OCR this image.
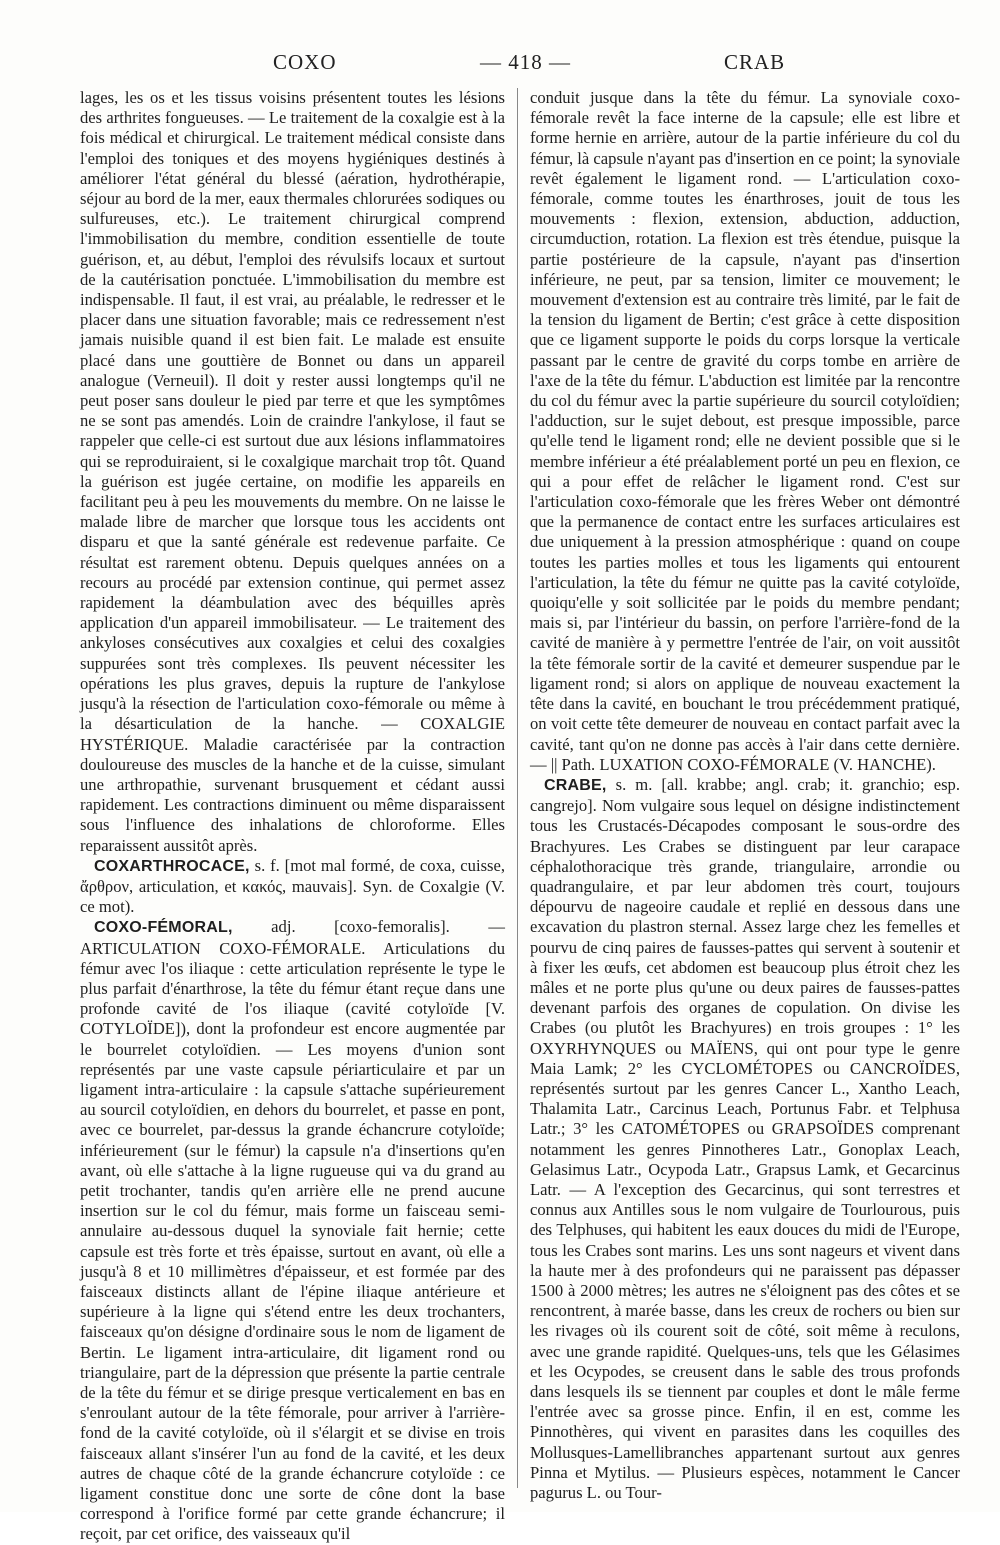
COXO	— 418 —	CRAB

lages, les os et les tissus voisins présentent toutes les lésions des arthrites fongueuses. — Le traitement de la coxalgie est à la fois médical et chirurgical. Le traitement médical consiste dans l'emploi des toniques et des moyens hygiéniques destinés à améliorer l'état général du blessé (aération, hydrothérapie, séjour au bord de la mer, eaux thermales chlorurées sodiques ou sulfureuses, etc.). Le traitement chirurgical comprend l'immobilisation du membre, condition essentielle de toute guérison, et, au début, l'emploi des révulsifs locaux et surtout de la cautérisation ponctuée. L'immobilisation du membre est indispensable. Il faut, il est vrai, au préalable, le redresser et le placer dans une situation favorable; mais ce redressement n'est jamais nuisible quand il est bien fait. Le malade est ensuite placé dans une gouttière de Bonnet ou dans un appareil analogue (Verneuil). Il doit y rester aussi longtemps qu'il ne peut poser sans douleur le pied par terre et que les symptômes ne se sont pas amendés. Loin de craindre l'ankylose, il faut se rappeler que celle-ci est surtout due aux lésions inflammatoires qui se reproduiraient, si le coxalgique marchait trop tôt. Quand la guérison est jugée certaine, on modifie les appareils en facilitant peu à peu les mouvements du membre. On ne laisse le malade libre de marcher que lorsque tous les accidents ont disparu et que la santé générale est redevenue parfaite. Ce résultat est rarement obtenu. Depuis quelques années on a recours au procédé par extension continue, qui permet assez rapidement la déambulation avec des béquilles après application d'un appareil immobilisateur. — Le traitement des ankyloses consécutives aux coxalgies et celui des coxalgies suppurées sont très complexes. Ils peuvent nécessiter les opérations les plus graves, depuis la rupture de l'ankylose jusqu'à la résection de l'articulation coxo-fémorale ou même à la désarticulation de la hanche. — COXALGIE HYSTÉRIQUE. Maladie caractérisée par la contraction douloureuse des muscles de la hanche et de la cuisse, simulant une arthropathie, survenant brusquement et cédant aussi rapidement. Les contractions diminuent ou même disparaissent sous l'influence des inhalations de chloroforme. Elles reparaissent aussitôt après.

COXARTHROCACE, s. f. [mot mal formé, de coxa, cuisse, ἄρθρον, articulation, et κακός, mauvais]. Syn. de Coxalgie (V. ce mot).

COXO-FÉMORAL, adj. [coxo-femoralis]. — ARTICULATION COXO-FÉMORALE. Articulations du fémur avec l'os iliaque : cette articulation représente le type le plus parfait d'énarthrose, la tête du fémur étant reçue dans une profonde cavité de l'os iliaque (cavité cotyloïde [V. COTYLOÏDE]), dont la profondeur est encore augmentée par le bourrelet cotyloïdien. — Les moyens d'union sont représentés par une vaste capsule périarticulaire et par un ligament intra-articulaire : la capsule s'attache supérieurement au sourcil cotyloïdien, en dehors du bourrelet, et passe en pont, avec ce bourrelet, par-dessus la grande échancrure cotyloïde; inférieurement (sur le fémur) la capsule n'a d'insertions qu'en avant, où elle s'attache à la ligne rugueuse qui va du grand au petit trochanter, tandis qu'en arrière elle ne prend aucune insertion sur le col du fémur, mais forme un faisceau semi-annulaire au-dessous duquel la synoviale fait hernie; cette capsule est très forte et très épaisse, surtout en avant, où elle a jusqu'à 8 et 10 millimètres d'épaisseur, et est formée par des faisceaux distincts allant de l'épine iliaque antérieure et supérieure à la ligne qui s'étend entre les deux trochanters, faisceaux qu'on désigne d'ordinaire sous le nom de ligament de Bertin. Le ligament intra-articulaire, dit ligament rond ou triangulaire, part de la dépression que présente la partie centrale de la tête du fémur et se dirige presque verticalement en bas en s'enroulant autour de la tête fémorale, pour arriver à l'arrière-fond de la cavité cotyloïde, où il s'élargit et se divise en trois faisceaux allant s'insérer l'un au fond de la cavité, et les deux autres de chaque côté de la grande échancrure cotyloïde : ce ligament constitue donc une sorte de cône dont la base correspond à l'orifice formé par cette grande échancrure; il reçoit, par cet orifice, des vaisseaux qu'il

conduit jusque dans la tête du fémur. La synoviale coxo-fémorale revêt la face interne de la capsule; elle est libre et forme hernie en arrière, autour de la partie inférieure du col du fémur, là capsule n'ayant pas d'insertion en ce point; la synoviale revêt également le ligament rond. — L'articulation coxo-fémorale, comme toutes les énarthroses, jouit de tous les mouvements : flexion, extension, abduction, adduction, circumduction, rotation. La flexion est très étendue, puisque la partie postérieure de la capsule, n'ayant pas d'insertion inférieure, ne peut, par sa tension, limiter ce mouvement; le mouvement d'extension est au contraire très limité, par le fait de la tension du ligament de Bertin; c'est grâce à cette disposition que ce ligament supporte le poids du corps lorsque la verticale passant par le centre de gravité du corps tombe en arrière de l'axe de la tête du fémur. L'abduction est limitée par la rencontre du col du fémur avec la partie supérieure du sourcil cotyloïdien; l'adduction, sur le sujet debout, est presque impossible, parce qu'elle tend le ligament rond; elle ne devient possible que si le membre inférieur a été préalablement porté un peu en flexion, ce qui a pour effet de relâcher le ligament rond. C'est sur l'articulation coxo-fémorale que les frères Weber ont démontré que la permanence de contact entre les surfaces articulaires est due uniquement à la pression atmosphérique : quand on coupe toutes les parties molles et tous les ligaments qui entourent l'articulation, la tête du fémur ne quitte pas la cavité cotyloïde, quoiqu'elle y soit sollicitée par le poids du membre pendant; mais si, par l'intérieur du bassin, on perfore l'arrière-fond de la cavité de manière à y permettre l'entrée de l'air, on voit aussitôt la tête fémorale sortir de la cavité et demeurer suspendue par le ligament rond; si alors on applique de nouveau exactement la tête dans la cavité, en bouchant le trou précédemment pratiqué, on voit cette tête demeurer de nouveau en contact parfait avec la cavité, tant qu'on ne donne pas accès à l'air dans cette dernière. — || Path. LUXATION COXO-FÉMORALE (V. HANCHE).

CRABE, s. m. [all. krabbe; angl. crab; it. granchio; esp. cangrejo]. Nom vulgaire sous lequel on désigne indistinctement tous les Crustacés-Décapodes composant le sous-ordre des Brachyures. Les Crabes se distinguent par leur carapace céphalothoracique très grande, triangulaire, arrondie ou quadrangulaire, et par leur abdomen très court, toujours dépourvu de nageoire caudale et replié en dessous dans une excavation du plastron sternal. Assez large chez les femelles et pourvu de cinq paires de fausses-pattes qui servent à soutenir et à fixer les œufs, cet abdomen est beaucoup plus étroit chez les mâles et ne porte plus qu'une ou deux paires de fausses-pattes devenant parfois des organes de copulation. On divise les Crabes (ou plutôt les Brachyures) en trois groupes : 1° les OXYRHYNQUES ou MAÏENS, qui ont pour type le genre Maia Lamk; 2° les CYCLOMÉTOPES ou CANCROÏDES, représentés surtout par les genres Cancer L., Xantho Leach, Thalamita Latr., Carcinus Leach, Portunus Fabr. et Telphusa Latr.; 3° les CATOMÉTOPES ou GRAPSOÏDES comprenant notamment les genres Pinnotheres Latr., Gonoplax Leach, Gelasimus Latr., Ocypoda Latr., Grapsus Lamk, et Gecarcinus Latr. — A l'exception des Gecarcinus, qui sont terrestres et connus aux Antilles sous le nom vulgaire de Tourlourous, puis des Telphuses, qui habitent les eaux douces du midi de l'Europe, tous les Crabes sont marins. Les uns sont nageurs et vivent dans la haute mer à des profondeurs qui ne paraissent pas dépasser 1500 à 2000 mètres; les autres ne s'éloignent pas des côtes et se rencontrent, à marée basse, dans les creux de rochers ou bien sur les rivages où ils courent soit de côté, soit même à reculons, avec une grande rapidité. Quelques-uns, tels que les Gélasimes et les Ocypodes, se creusent dans le sable des trous profonds dans lesquels ils se tiennent par couples et dont le mâle ferme l'entrée avec sa grosse pince. Enfin, il en est, comme les Pinnothères, qui vivent en parasites dans les coquilles des Mollusques-Lamellibranches appartenant surtout aux genres Pinna et Mytilus. — Plusieurs espèces, notamment le Cancer pagurus L. ou Tour-
